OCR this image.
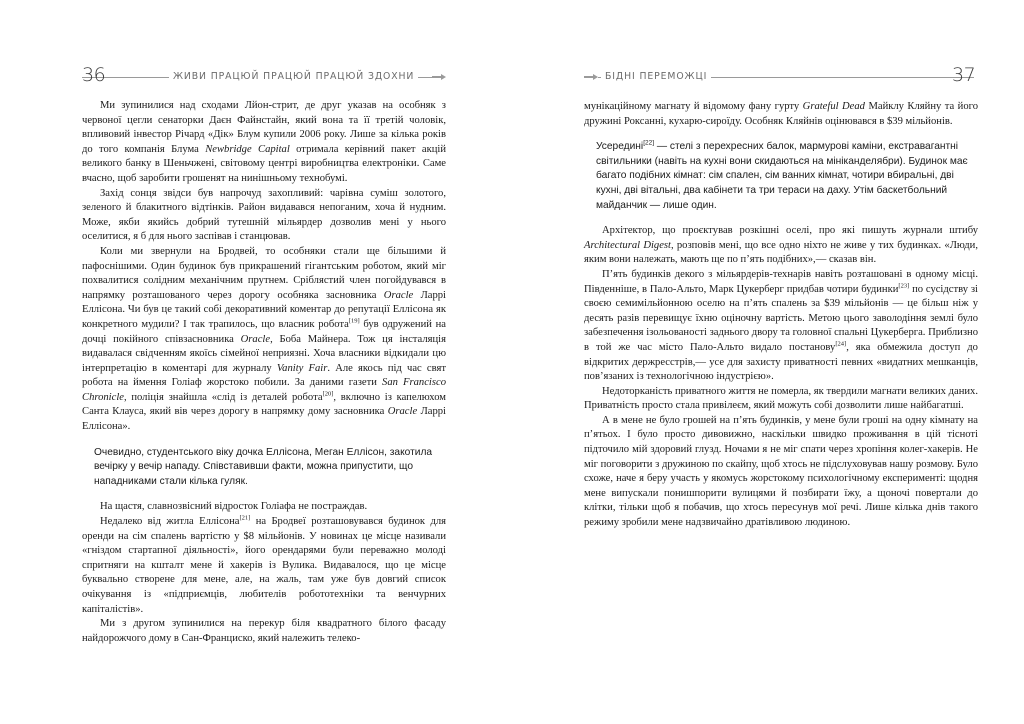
36	ЖИВИ ПРАЦЮЙ ПРАЦЮЙ ПРАЦЮЙ ЗДОХНИ

Ми зупинилися над сходами Лйон-стрит, де друг указав на особняк з червоної цегли сенаторки Даєн Файнстайн, який вона та її третій чоловік, впливовий інвестор Річард «Дік» Блум купили 2006 року. Лише за кілька років до того компанія Блума Newbridge Capital отримала керівний пакет акцій великого банку в Шеньчжені, світовому центрі виробництва електроніки. Саме вчасно, щоб заробити грошенят на нинішньому технобумі.

Захід сонця звідси був напрочуд захопливий: чарівна суміш золотого, зеленого й блакитного відтінків. Район видавався непоганим, хоча й нудним. Може, якби якийсь добрий тутешній мільярдер дозволив мені у нього оселитися, я б для нього заспівав і станцював.

Коли ми звернули на Бродвей, то особняки стали ще більшими й пафоснішими. Один будинок був прикрашений гігантським роботом, який міг похвалитися солідним механічним прутнем. Сріблястий член погойдувався в напрямку розташованого через дорогу особняка засновника Oracle Ларрі Еллісона. Чи був це такий собі декоративний коментар до репутації Еллісона як конкретного мудили? І так трапилось, що власник робота[19] був одружений на дочці покійного співзасновника Oracle, Боба Майнера. Тож ця інсталяція видавалася свідченням якоїсь сімейної неприязні. Хоча власники відкидали цю інтерпретацію в коментарі для журналу Vanity Fair. Але якось під час свят робота на ймення Голіаф жорстоко побили. За даними газети San Francisco Chronicle, поліція знайшла «слід із деталей робота[20], включно із капелюхом Санта Клауса, який вів через дорогу в напрямку дому засновника Oracle Ларрі Еллісона».

Очевидно, студентського віку дочка Еллісона, Меган Еллісон, закотила вечірку у вечір нападу. Співставивши факти, можна припустити, що нападниками стали кілька гуляк.

На щастя, славнозвісний відросток Голіафа не постраждав.

Недалеко від житла Еллісона[21] на Бродвеї розташовувався будинок для оренди на сім спалень вартістю у $8 мільйонів. У новинах це місце називали «гніздом стартапної діяльності», його орендарями були переважно молоді спритняги на кшталт мене й хакерів із Вулика. Видавалося, що це місце буквально створене для мене, але, на жаль, там уже був довгий список очікування із «підприємців, любителів робототехніки та венчурних капіталістів».

Ми з другом зупинилися на перекур біля квадратного білого фасаду найдорожчого дому в Сан-Франциско, який належить телеко-

37
БІДНІ ПЕРЕМОЖЦІ

мунікаційному магнату й відомому фану гурту Grateful Dead Майклу Кляйну та його дружині Роксанні, кухарю-сироїду. Особняк Кляйнів оцінювався в $39 мільйонів.

Усередині[22] — стелі з перехресних балок, мармурові каміни, екстравагантні світильники (навіть на кухні вони скидаються на мінікандел‌ябри). Будинок має багато подібних кімнат: сім спален, сім ванних кімнат, чотири вбиральні, дві кухні, дві вітальні, два кабінети та три тераси на даху. Утім баскетбольний майданчик — лише один.

Архітектор, що проєктував розкішні оселі, про які пишуть журнали штибу Architectural Digest, розповів мені, що все одно ніхто не живе у тих будинках. «Люди, яким вони належать, мають ще по п’ять подібних»,— сказав він.

П’ять будинків декого з мільярдерів-технарів навіть розташовані в одному місці. Південніше, в Пало-Альто, Марк Цукерберг придбав чотири будинки[23] по сусідству зі своєю семимільйонною оселю на п’ять спалень за $39 мільйонів — це більш ніж у десять разів перевищує їхню оціночну вартість. Метою цього заволодіння землі було забезпечення ізольованості заднього двору та головної спальні Цукерберга. Приблизно в той же час місто Пало-Альто видало постанову[24], яка обмежила доступ до відкритих держресстрів,— усе для захисту приватності певних «видатних мешканців, пов’язаних із технологічною індустрією».

Недоторканість приватного життя не померла, як твердили магнати великих даних. Приватність просто стала привілеєм, який можуть собі дозволити лише найбагатші.

А в мене не було грошей на п’ять будинків, у мене були гроші на одну кімнату на п’ятьох. І було просто дивовижно, наскільки швидко проживання в цій тісноті підточило мій здоровий глузд. Ночами я не міг спати через хропіння колег-хакерів. Не міг поговорити з дружиною по скайпу, щоб хтось не підслуховував нашу розмову. Було схоже, наче я беру участь у якомусь жорстокому психологічному експерименті: щодня мене випускали понишпорити вулицями й позбирати їжу, а щоночі повертали до клітки, тільки щоб я побачив, що хтось пересунув мої речі. Лише кілька днів такого режиму зробили мене надзвичайно дратівливою людиною.
